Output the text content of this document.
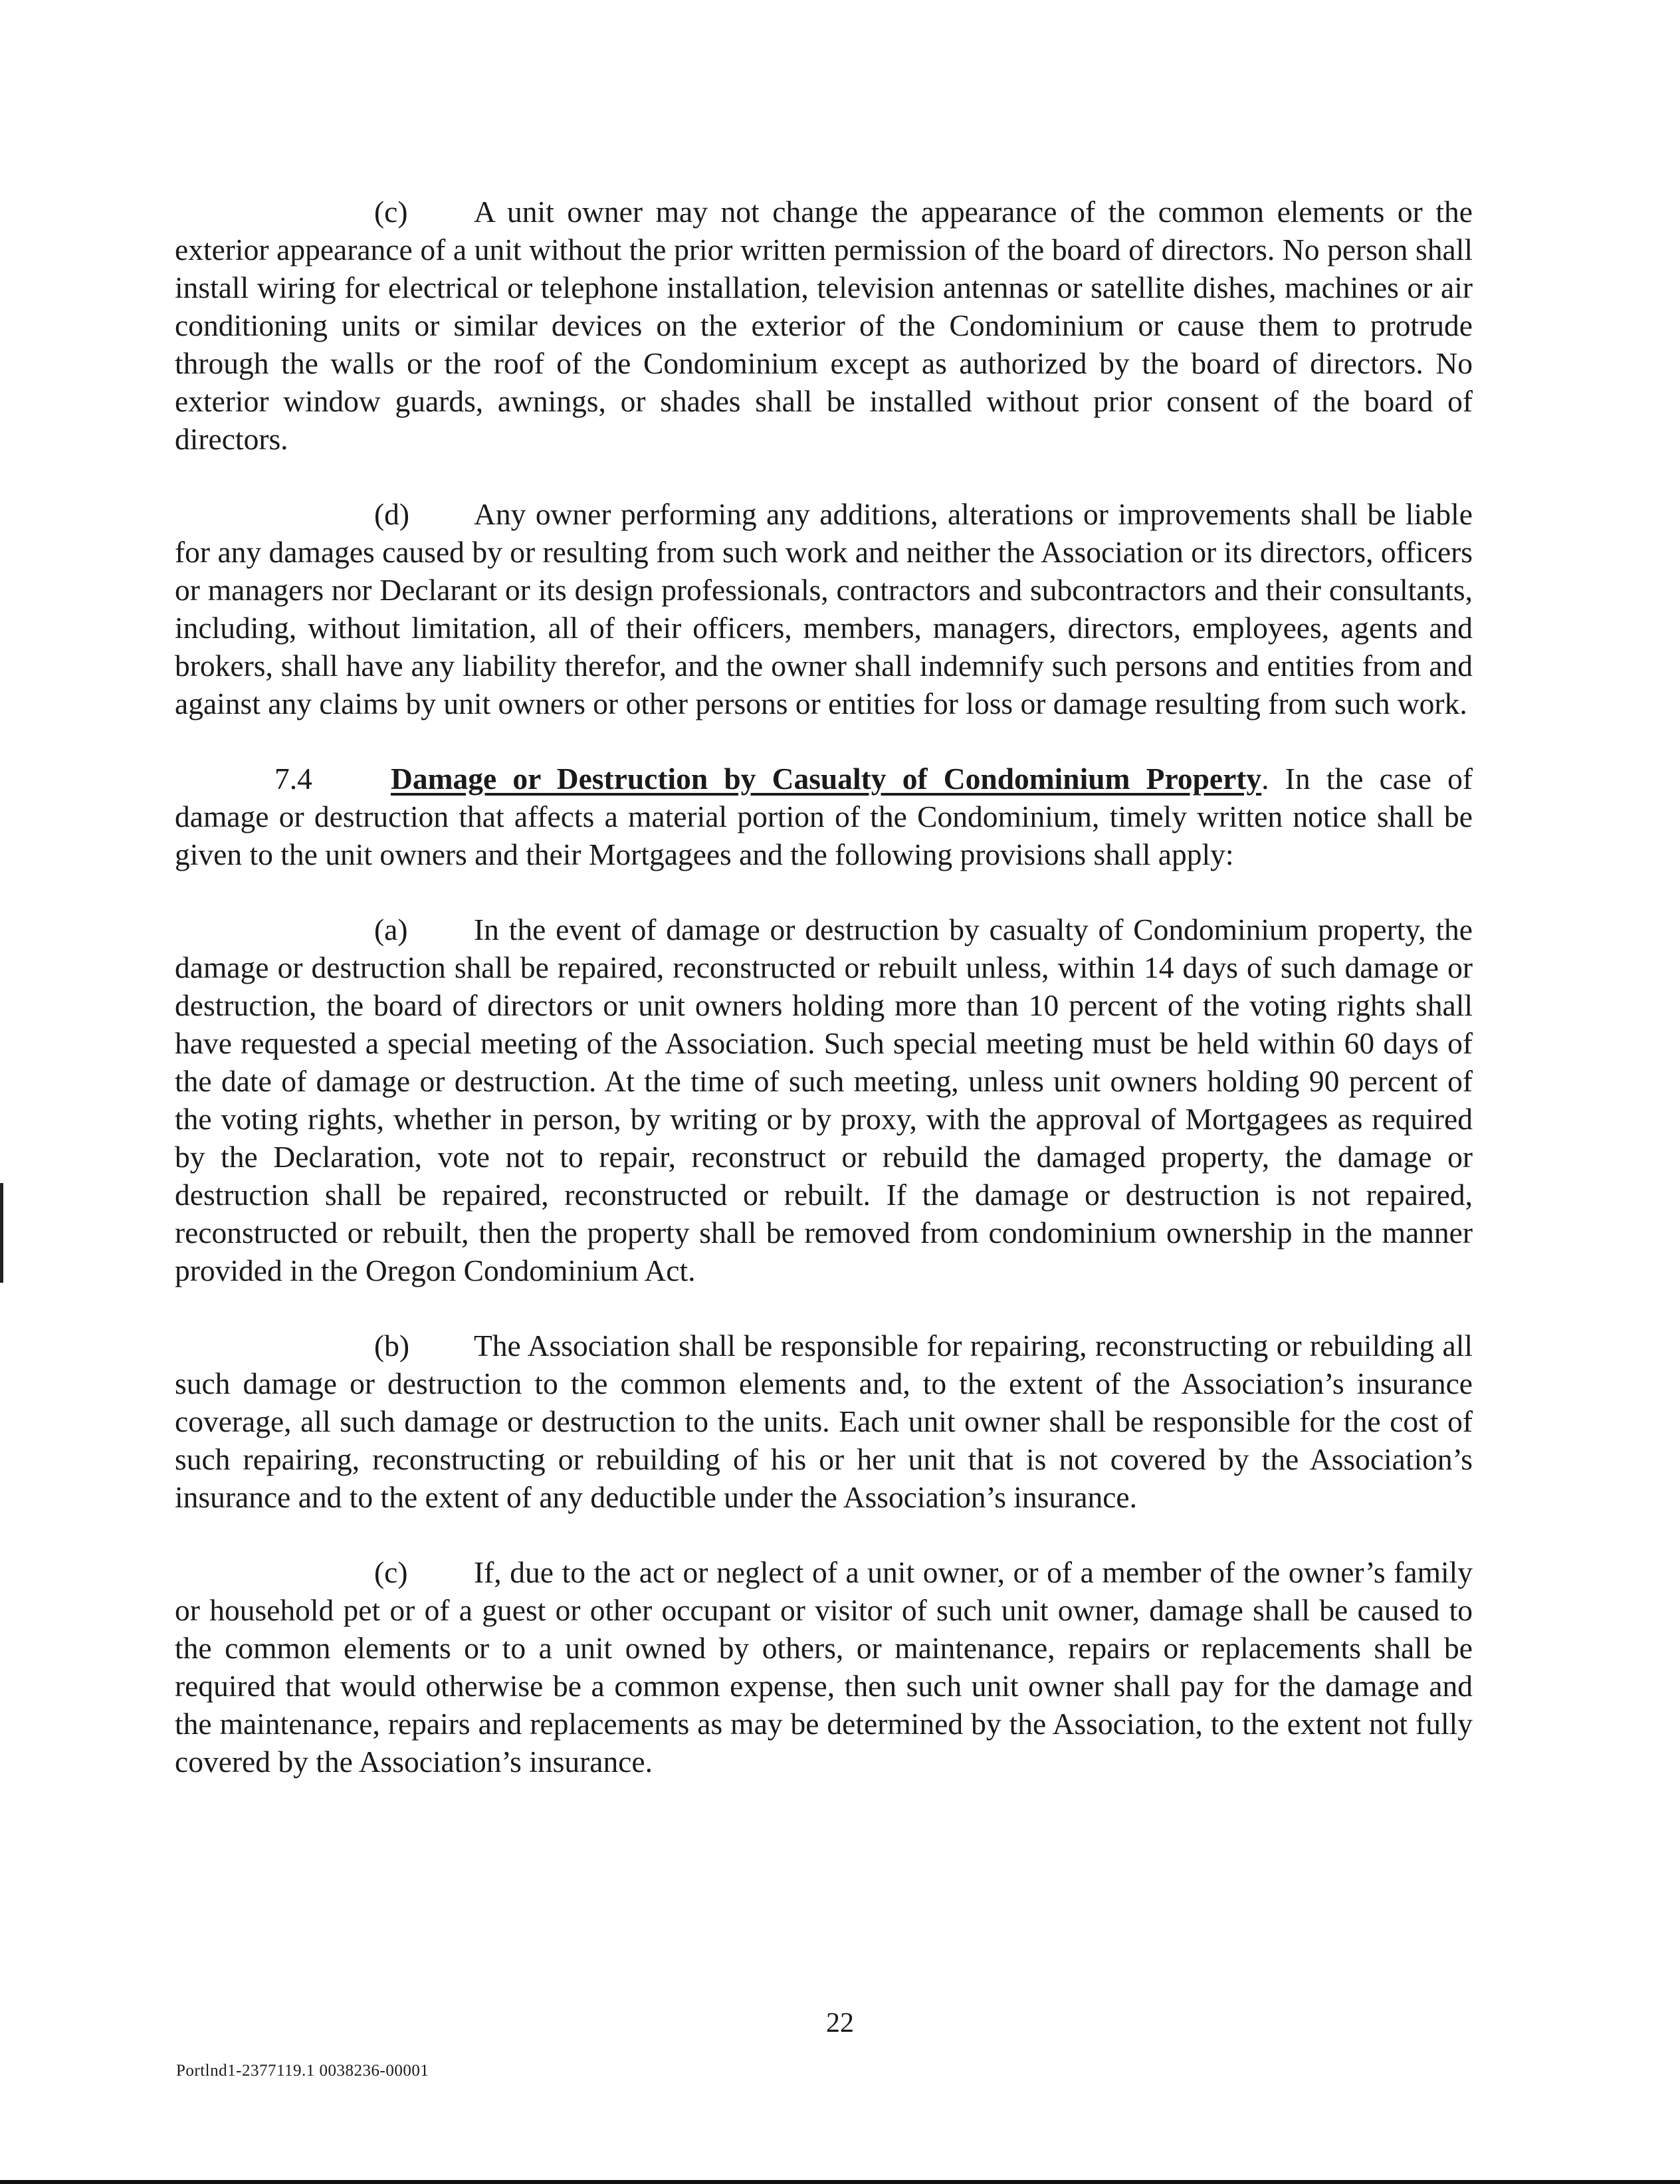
(c) A unit owner may not change the appearance of the common elements or the exterior appearance of a unit without the prior written permission of the board of directors. No person shall install wiring for electrical or telephone installation, television antennas or satellite dishes, machines or air conditioning units or similar devices on the exterior of the Condominium or cause them to protrude through the walls or the roof of the Condominium except as authorized by the board of directors. No exterior window guards, awnings, or shades shall be installed without prior consent of the board of directors.

(d) Any owner performing any additions, alterations or improvements shall be liable for any damages caused by or resulting from such work and neither the Association or its directors, officers or managers nor Declarant or its design professionals, contractors and subcontractors and their consultants, including, without limitation, all of their officers, members, managers, directors, employees, agents and brokers, shall have any liability therefor, and the owner shall indemnify such persons and entities from and against any claims by unit owners or other persons or entities for loss or damage resulting from such work.

7.4	Damage or Destruction by Casualty of Condominium Property. In the case of damage or destruction that affects a material portion of the Condominium, timely written notice shall be given to the unit owners and their Mortgagees and the following provisions shall apply:

(a) In the event of damage or destruction by casualty of Condominium property, the damage or destruction shall be repaired, reconstructed or rebuilt unless, within 14 days of such damage or destruction, the board of directors or unit owners holding more than 10 percent of the voting rights shall have requested a special meeting of the Association. Such special meeting must be held within 60 days of the date of damage or destruction. At the time of such meeting, unless unit owners holding 90 percent of the voting rights, whether in person, by writing or by proxy, with the approval of Mortgagees as required by the Declaration, vote not to repair, reconstruct or rebuild the damaged property, the damage or destruction shall be repaired, reconstructed or rebuilt. If the damage or destruction is not repaired, reconstructed or rebuilt, then the property shall be removed from condominium ownership in the manner provided in the Oregon Condominium Act.

(b) The Association shall be responsible for repairing, reconstructing or rebuilding all such damage or destruction to the common elements and, to the extent of the Association’s insurance coverage, all such damage or destruction to the units. Each unit owner shall be responsible for the cost of such repairing, reconstructing or rebuilding of his or her unit that is not covered by the Association’s insurance and to the extent of any deductible under the Association’s insurance.

(c) If, due to the act or neglect of a unit owner, or of a member of the owner’s family or household pet or of a guest or other occupant or visitor of such unit owner, damage shall be caused to the common elements or to a unit owned by others, or maintenance, repairs or replacements shall be required that would otherwise be a common expense, then such unit owner shall pay for the damage and the maintenance, repairs and replacements as may be determined by the Association, to the extent not fully covered by the Association’s insurance.

22
Portlnd1-2377119.1 0038236-00001
